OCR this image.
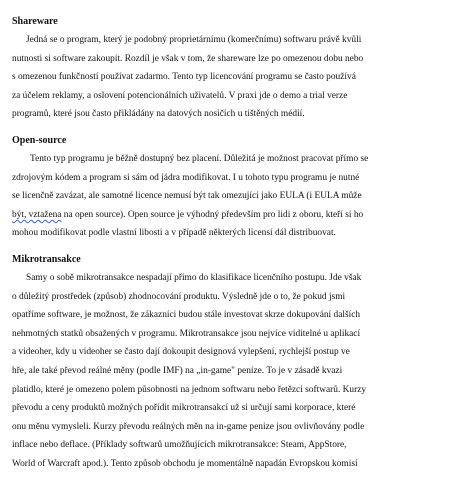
Shareware
Jedná se o program, který je podobný proprietárnímu (komerčnímu) softwaru právě kvůli
nutnosti si software zakoupit. Rozdíl je však v tom, že shareware lze po omezenou dobu nebo
s omezenou funkčností používat zadarmo. Tento typ licencování programu se často používá
za účelem reklamy, a oslovení potencionálních uživatelů. V praxi jde o demo a trial verze
programů, které jsou často přikládány na datových nosičích u tištěných médií.
Open-source
Tento typ programu je běžně dostupný bez placení. Důležitá je možnost pracovat přímo se
zdrojovým kódem a program si sám od jádra modifikovat. I u tohoto typu programu je nutné
se licenčně zavázat, ale samotné licence nemusí být tak omezující jako EULA (i EULA může
být, vztažena na open source). Open source je výhodný především pro lidi z oboru, kteří si ho
mohou modifikovat podle vlastní libosti a v případě některých licensí dál distribuovat.
Mikrotransakce
Samy o sobě mikrotransakce nespadají přímo do klasifikace licenčního postupu. Jde však
o důležitý prostředek (způsob) zhodnocování produktu. Výsledně jde o to, že pokud jsmi
opatříme software, je možnost, že zákazníci budou stále investovat skrze dokupování dalších
nehmotných statků obsažených v programu. Mikrotransakce jsou nejvíce viditelné u aplikací
a videoher, kdy u videoher se často dají dokoupit designová vylepšení, rychlejší postup ve
hře, ale také převod reálné měny (podle IMF) na „in-game" peníze. To je v zásadě kvazi
platidlo, které je omezeno polem působnosti na jednom softwaru nebo řetězci softwarů. Kurzy
převodu a ceny produktů možných pořídit mikrotransakcí už si určují sami korporace, které
onu měnu vymysleli. Kurzy převodu reálných měn na in-game penize jsou ovlivňovány podle
inflace nebo deflace. (Příklady softwarů umožňujících mikrotransakce: Steam, AppStore,
World of Warcraft apod.). Tento způsob obchodu je momentálně napadán Evropskou komisí
